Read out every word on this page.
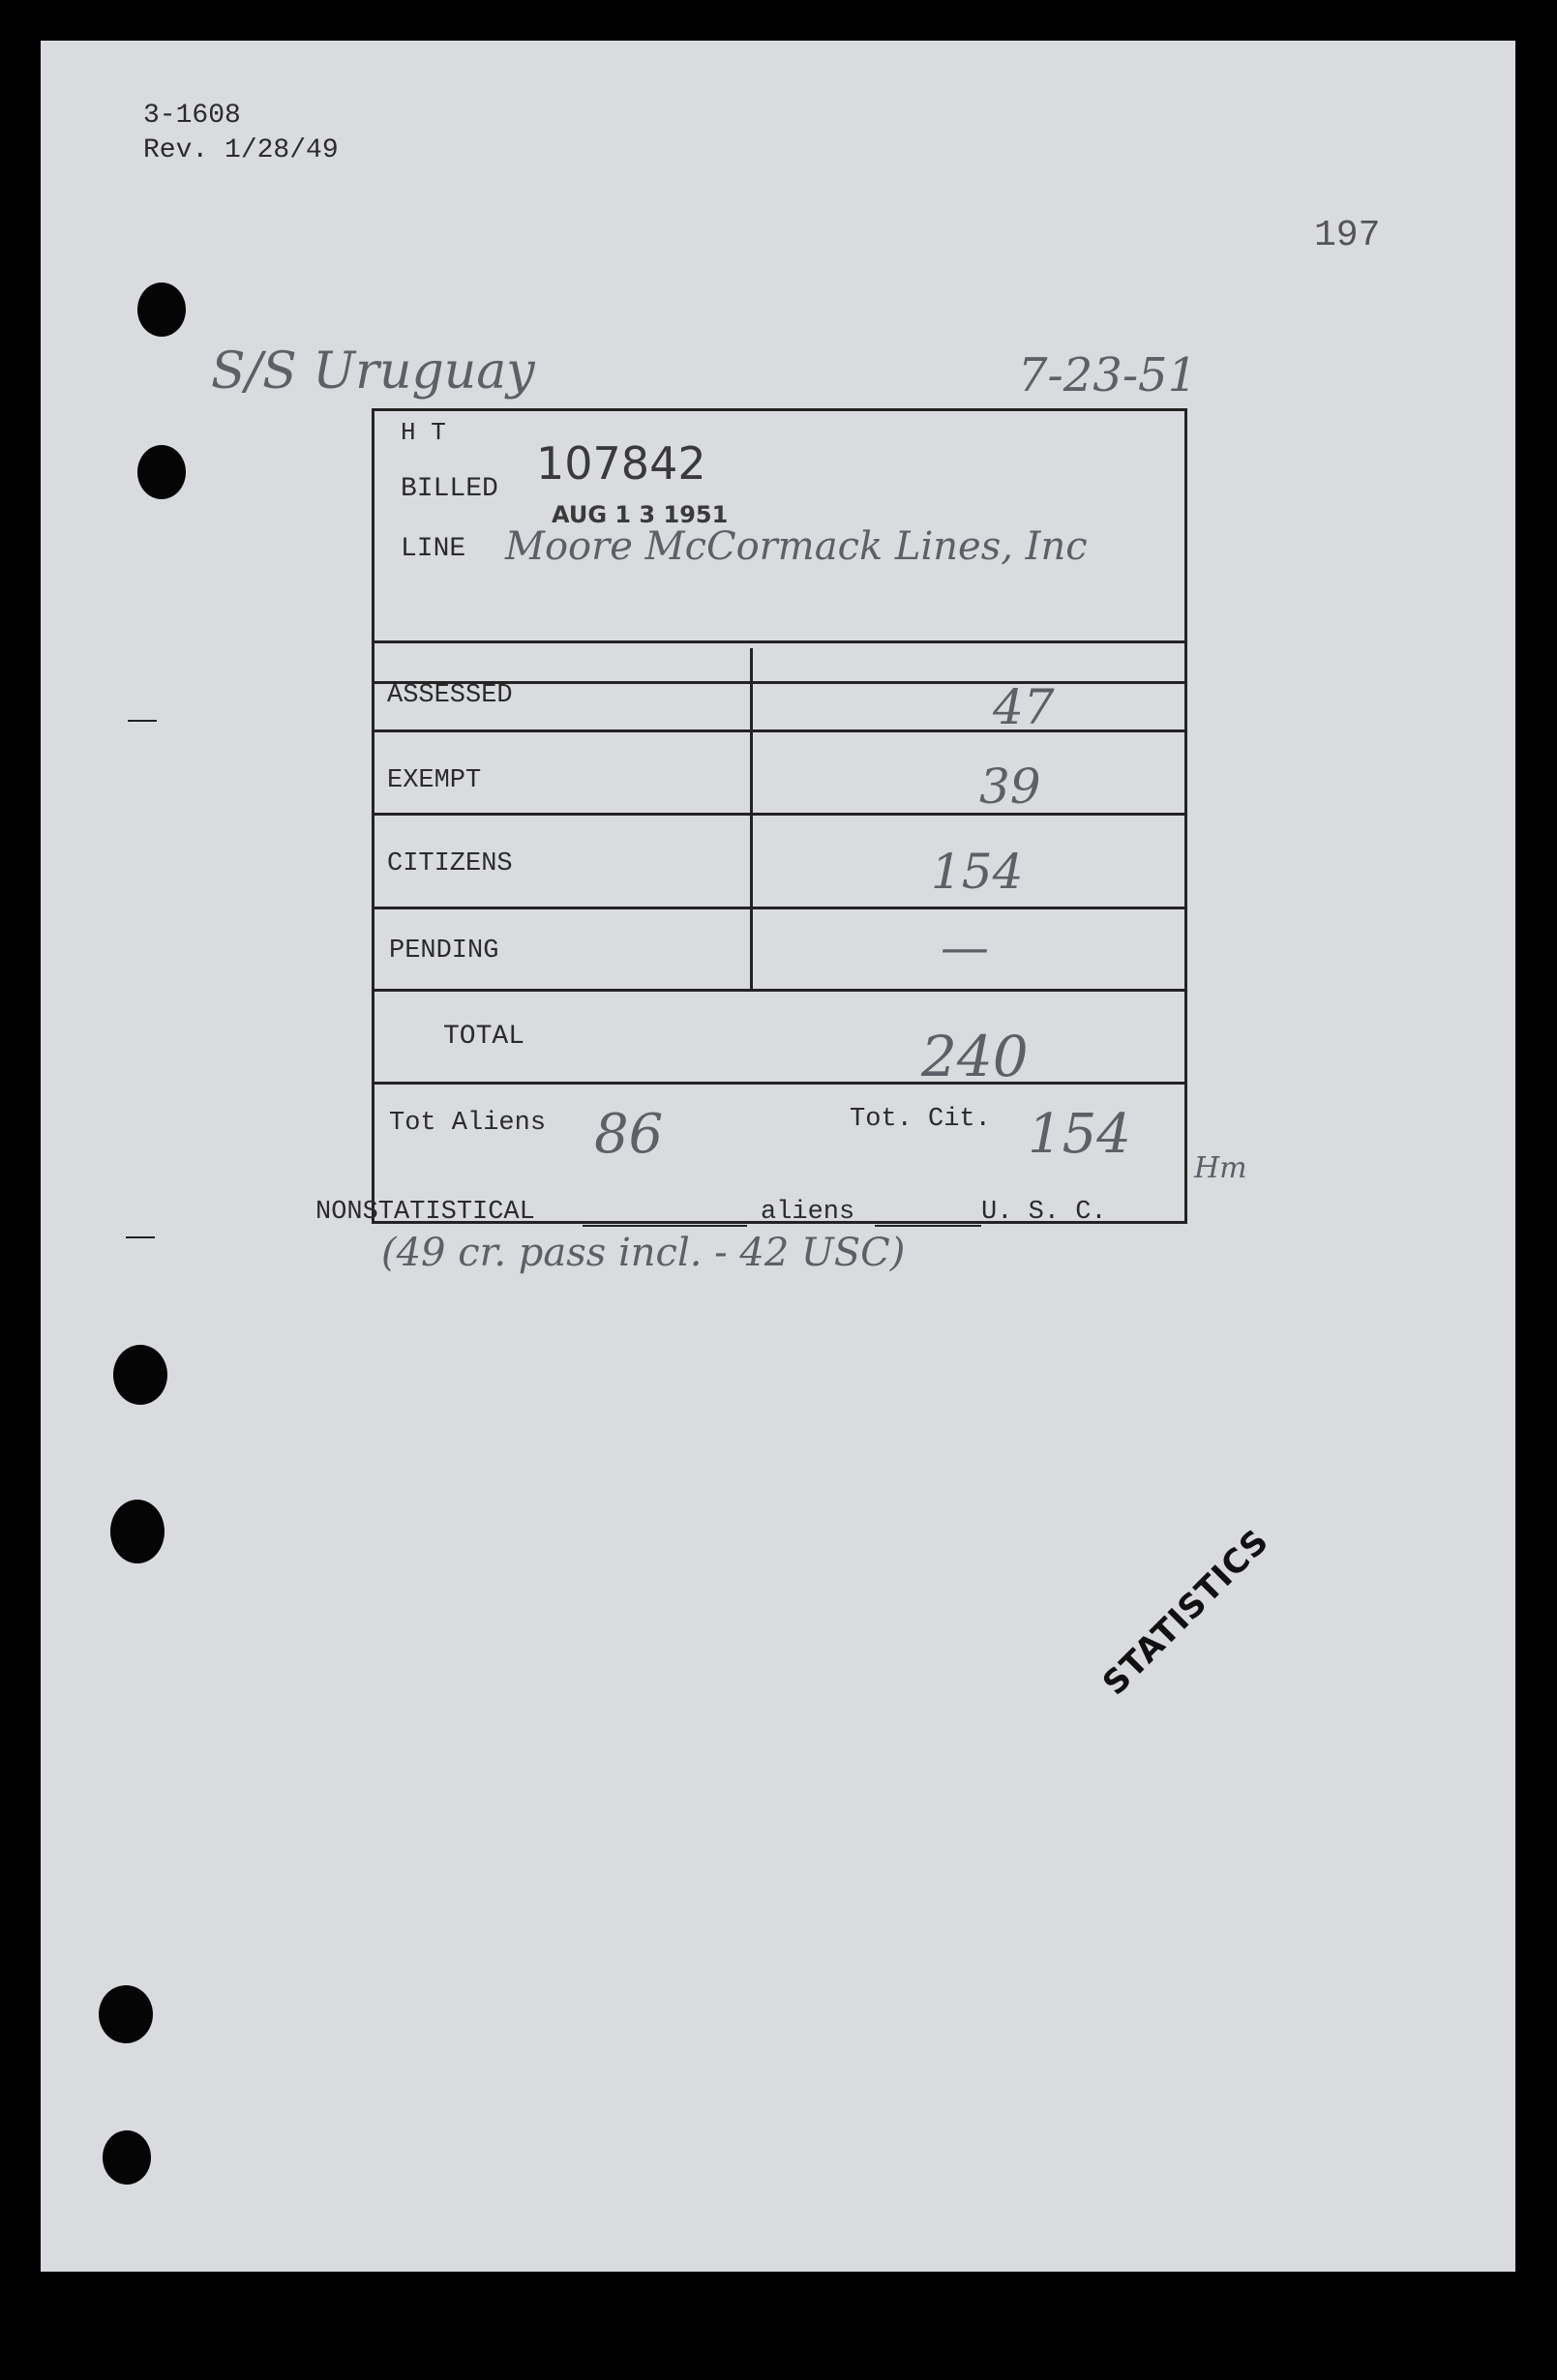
3-1608
Rev. 1/28/49
197
S/S Uruguay	7-23-51
H T
107842
BILLED
AUG 1 3 1951
LINE Moore McCormack Lines, Inc
ASSESSED	47
EXEMPT	39
CITIZENS	154
PENDING	—
TOTAL	240
Tot Aliens 86	Tot. Cit. 154
Hm
NONSTATISTICAL	aliens	U. S. C.
(49 cr. pass incl. - 42 USC)
STATISTICS
